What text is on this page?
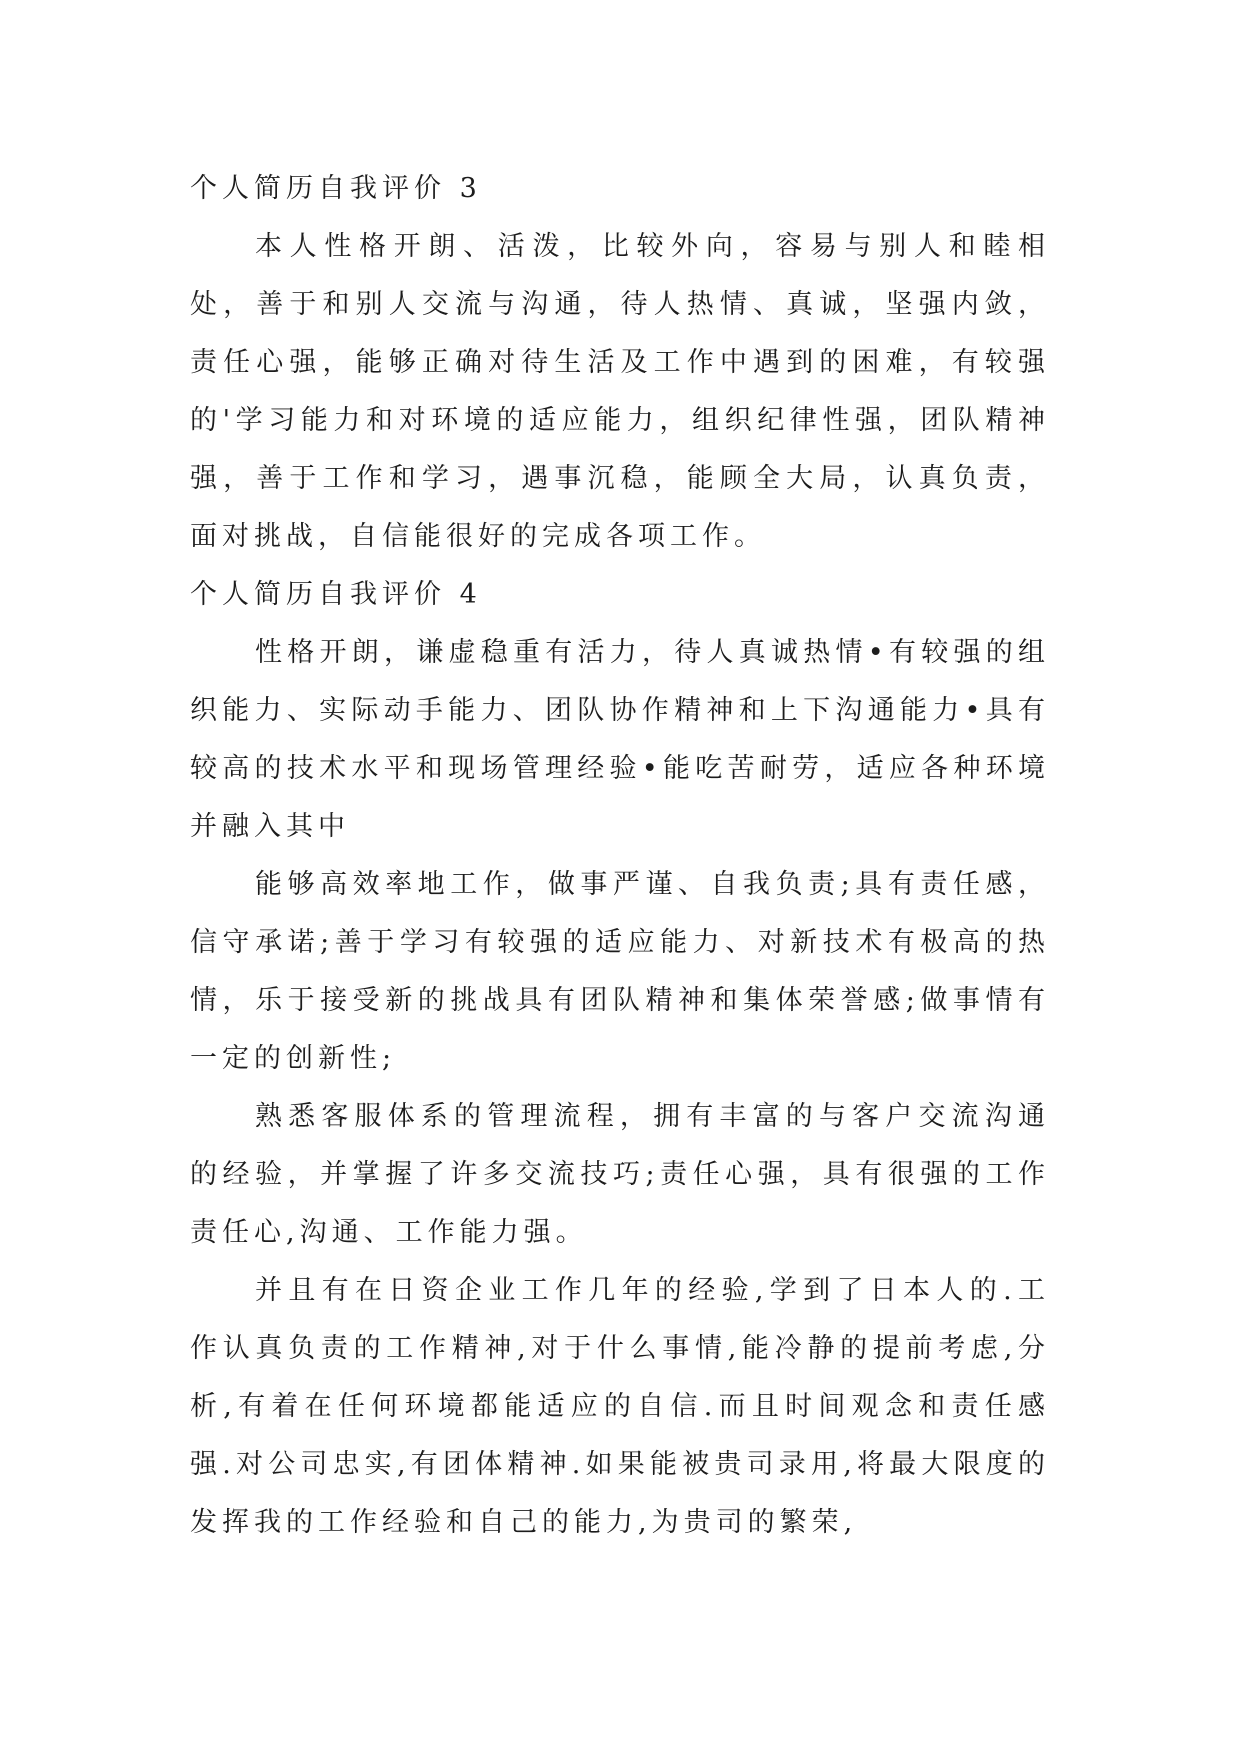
个人简历自我评价 3

本人性格开朗、活泼，比较外向，容易与别人和睦相处，善于和别人交流与沟通，待人热情、真诚，坚强内敛，责任心强，能够正确对待生活及工作中遇到的困难，有较强的'学习能力和对环境的适应能力，组织纪律性强，团队精神强，善于工作和学习，遇事沉稳，能顾全大局，认真负责，面对挑战，自信能很好的完成各项工作。

个人简历自我评价 4

性格开朗，谦虚稳重有活力，待人真诚热情•有较强的组织能力、实际动手能力、团队协作精神和上下沟通能力•具有较高的技术水平和现场管理经验•能吃苦耐劳，适应各种环境并融入其中

能够高效率地工作，做事严谨、自我负责;具有责任感，信守承诺;善于学习有较强的适应能力、对新技术有极高的热情，乐于接受新的挑战具有团队精神和集体荣誉感;做事情有一定的创新性;

熟悉客服体系的管理流程，拥有丰富的与客户交流沟通的经验，并掌握了许多交流技巧;责任心强，具有很强的工作责任心,沟通、工作能力强。

并且有在日资企业工作几年的经验,学到了日本人的.工作认真负责的工作精神,对于什么事情,能冷静的提前考虑,分析,有着在任何环境都能适应的自信.而且时间观念和责任感强.对公司忠实,有团体精神.如果能被贵司录用,将最大限度的发挥我的工作经验和自己的能力,为贵司的繁荣,
